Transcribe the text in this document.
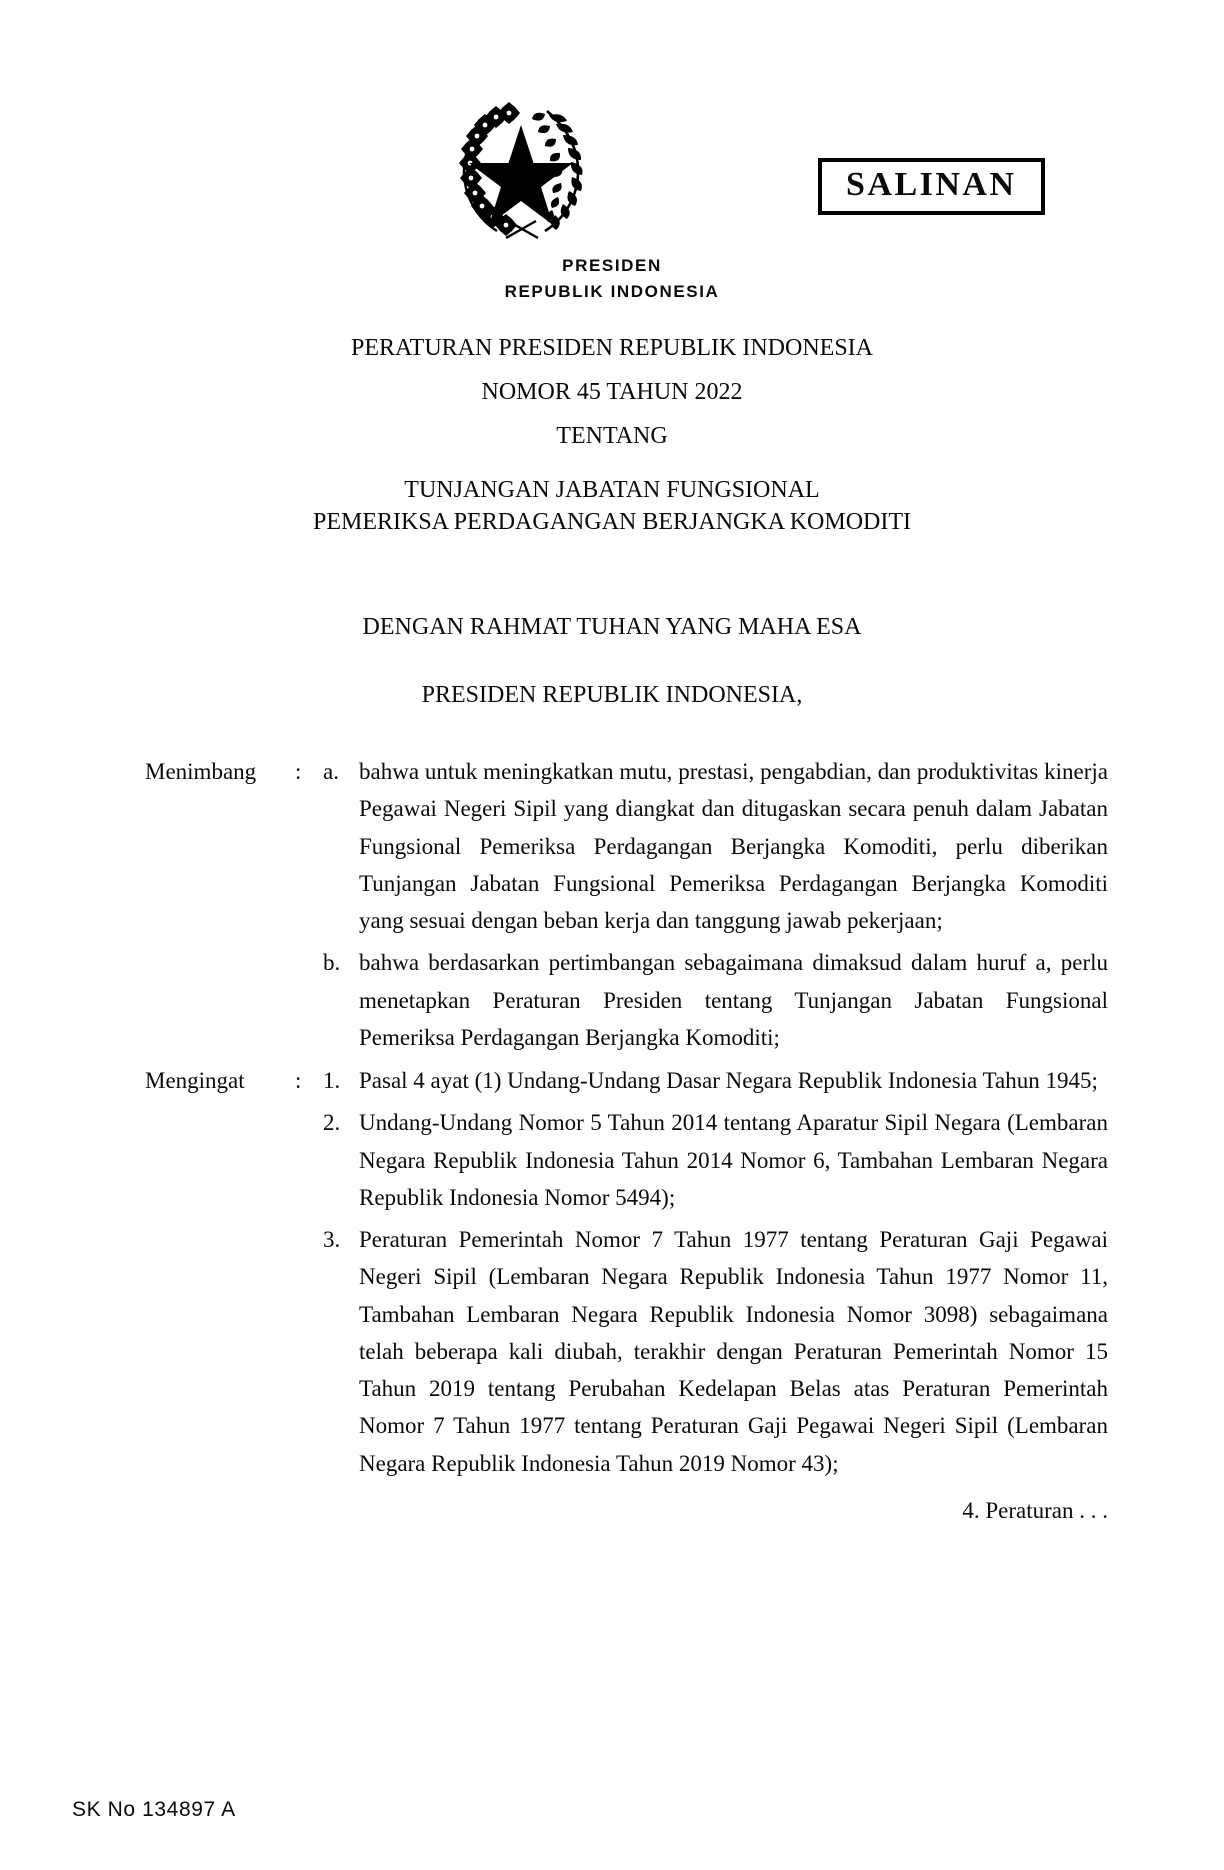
SALINAN
PRESIDEN
REPUBLIK INDONESIA
PERATURAN PRESIDEN REPUBLIK INDONESIA
NOMOR 45 TAHUN 2022
TENTANG
TUNJANGAN JABATAN FUNGSIONAL
PEMERIKSA PERDAGANGAN BERJANGKA KOMODITI
DENGAN RAHMAT TUHAN YANG MAHA ESA
PRESIDEN REPUBLIK INDONESIA,
Menimbang	: a. bahwa untuk meningkatkan mutu, prestasi, pengabdian, dan produktivitas kinerja Pegawai Negeri Sipil yang diangkat dan ditugaskan secara penuh dalam Jabatan Fungsional Pemeriksa Perdagangan Berjangka Komoditi, perlu diberikan Tunjangan Jabatan Fungsional Pemeriksa Perdagangan Berjangka Komoditi yang sesuai dengan beban kerja dan tanggung jawab pekerjaan;
b. bahwa berdasarkan pertimbangan sebagaimana dimaksud dalam huruf a, perlu menetapkan Peraturan Presiden tentang Tunjangan Jabatan Fungsional Pemeriksa Perdagangan Berjangka Komoditi;
Mengingat	: 1. Pasal 4 ayat (1) Undang-Undang Dasar Negara Republik Indonesia Tahun 1945;
2. Undang-Undang Nomor 5 Tahun 2014 tentang Aparatur Sipil Negara (Lembaran Negara Republik Indonesia Tahun 2014 Nomor 6, Tambahan Lembaran Negara Republik Indonesia Nomor 5494);
3. Peraturan Pemerintah Nomor 7 Tahun 1977 tentang Peraturan Gaji Pegawai Negeri Sipil (Lembaran Negara Republik Indonesia Tahun 1977 Nomor 11, Tambahan Lembaran Negara Republik Indonesia Nomor 3098) sebagaimana telah beberapa kali diubah, terakhir dengan Peraturan Pemerintah Nomor 15 Tahun 2019 tentang Perubahan Kedelapan Belas atas Peraturan Pemerintah Nomor 7 Tahun 1977 tentang Peraturan Gaji Pegawai Negeri Sipil (Lembaran Negara Republik Indonesia Tahun 2019 Nomor 43);
4. Peraturan . . .
SK No 134897 A
